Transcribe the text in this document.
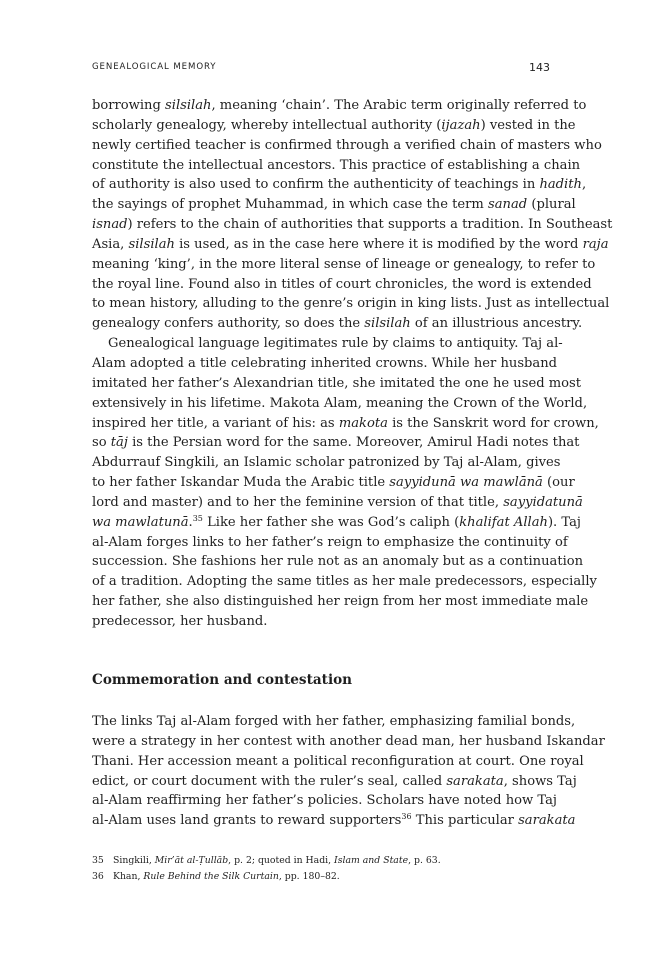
GENEALOGICAL MEMORY	143
borrowing silsilah, meaning ‘chain’. The Arabic term originally referred to
scholarly genealogy, whereby intellectual authority (ijazah) vested in the
newly certified teacher is confirmed through a verified chain of masters who
constitute the intellectual ancestors. This practice of establishing a chain
of authority is also used to confirm the authenticity of teachings in hadith,
the sayings of prophet Muhammad, in which case the term sanad (plural
isnad) refers to the chain of authorities that supports a tradition. In Southeast
Asia, silsilah is used, as in the case here where it is modified by the word raja
meaning ‘king’, in the more literal sense of lineage or genealogy, to refer to
the royal line. Found also in titles of court chronicles, the word is extended
to mean history, alluding to the genre’s origin in king lists. Just as intellectual
genealogy confers authority, so does the silsilah of an illustrious ancestry.
Genealogical language legitimates rule by claims to antiquity. Taj al-
Alam adopted a title celebrating inherited crowns. While her husband
imitated her father’s Alexandrian title, she imitated the one he used most
extensively in his lifetime. Makota Alam, meaning the Crown of the World,
inspired her title, a variant of his: as makota is the Sanskrit word for crown,
so tāj is the Persian word for the same. Moreover, Amirul Hadi notes that
Abdurrauf Singkili, an Islamic scholar patronized by Taj al-Alam, gives
to her father Iskandar Muda the Arabic title sayyidunā wa mawlānā (our
lord and master) and to her the feminine version of that title, sayyidatunā
wa mawlatunā.$^{35}$ Like her father she was God’s caliph (khalifat Allah). Taj
al-Alam forges links to her father’s reign to emphasize the continuity of
succession. She fashions her rule not as an anomaly but as a continuation
of a tradition. Adopting the same titles as her male predecessors, especially
her father, she also distinguished her reign from her most immediate male
predecessor, her husband.
Commemoration and contestation
The links Taj al-Alam forged with her father, emphasizing familial bonds,
were a strategy in her contest with another dead man, her husband Iskandar
Thani. Her accession meant a political reconfiguration at court. One royal
edict, or court document with the ruler’s seal, called sarakata, shows Taj
al-Alam reaffirming her father’s policies. Scholars have noted how Taj
al-Alam uses land grants to reward supporters$^{36}$ This particular sarakata
35 Singkili, Mir’āt al-Ṭullāb, p. 2; quoted in Hadi, Islam and State, p. 63.
36 Khan, Rule Behind the Silk Curtain, pp. 180–82.
